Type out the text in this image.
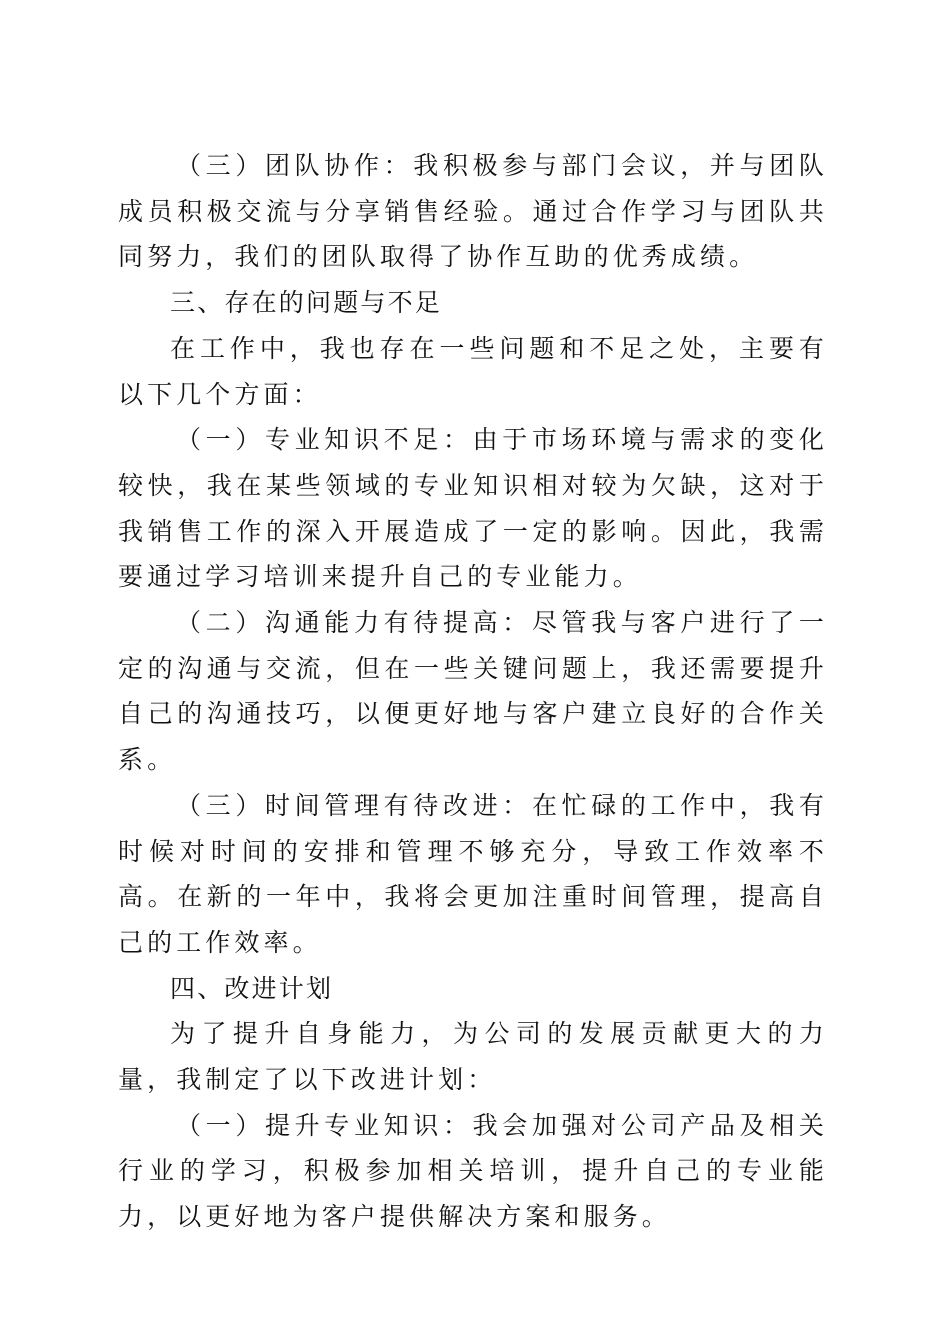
（三）团队协作：我积极参与部门会议，并与团队成员积极交流与分享销售经验。通过合作学习与团队共同努力，我们的团队取得了协作互助的优秀成绩。

三、存在的问题与不足

在工作中，我也存在一些问题和不足之处，主要有以下几个方面：

（一）专业知识不足：由于市场环境与需求的变化较快，我在某些领域的专业知识相对较为欠缺，这对于我销售工作的深入开展造成了一定的影响。因此，我需要通过学习培训来提升自己的专业能力。

（二）沟通能力有待提高：尽管我与客户进行了一定的沟通与交流，但在一些关键问题上，我还需要提升自己的沟通技巧，以便更好地与客户建立良好的合作关系。

（三）时间管理有待改进：在忙碌的工作中，我有时候对时间的安排和管理不够充分，导致工作效率不高。在新的一年中，我将会更加注重时间管理，提高自己的工作效率。

四、改进计划

为了提升自身能力，为公司的发展贡献更大的力量，我制定了以下改进计划：

（一）提升专业知识：我会加强对公司产品及相关行业的学习，积极参加相关培训，提升自己的专业能力，以更好地为客户提供解决方案和服务。
